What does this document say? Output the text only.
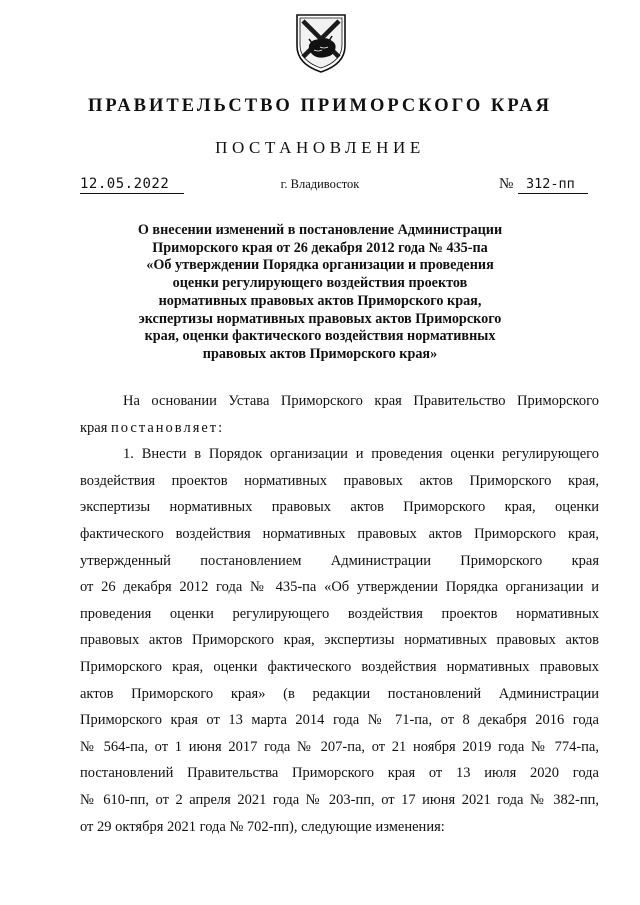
ПРАВИТЕЛЬСТВО ПРИМОРСКОГО КРАЯ
ПОСТАНОВЛЕНИЕ
12.05.2022	г. Владивосток	№ 312-пп
О внесении изменений в постановление Администрации
Приморского края от 26 декабря 2012 года № 435-па
«Об утверждении Порядка организации и проведения
оценки регулирующего воздействия проектов
нормативных правовых актов Приморского края,
экспертизы нормативных правовых актов Приморского
края, оценки фактического воздействия нормативных
правовых актов Приморского края»
На основании Устава Приморского края Правительство Приморского
края постановляет:
1. Внести в Порядок организации и проведения оценки регулирующего
воздействия проектов нормативных правовых актов Приморского края,
экспертизы нормативных правовых актов Приморского края, оценки
фактического воздействия нормативных правовых актов Приморского края,
утвержденный постановлением Администрации Приморского края
от 26 декабря 2012 года № 435-па «Об утверждении Порядка организации и
проведения оценки регулирующего воздействия проектов нормативных
правовых актов Приморского края, экспертизы нормативных правовых актов
Приморского края, оценки фактического воздействия нормативных правовых
актов Приморского края» (в редакции постановлений Администрации
Приморского края от 13 марта 2014 года № 71-па, от 8 декабря 2016 года
№ 564-па, от 1 июня 2017 года № 207-па, от 21 ноября 2019 года № 774-па,
постановлений Правительства Приморского края от 13 июля 2020 года
№ 610-пп, от 2 апреля 2021 года № 203-пп, от 17 июня 2021 года № 382-пп,
от 29 октября 2021 года № 702-пп), следующие изменения:
